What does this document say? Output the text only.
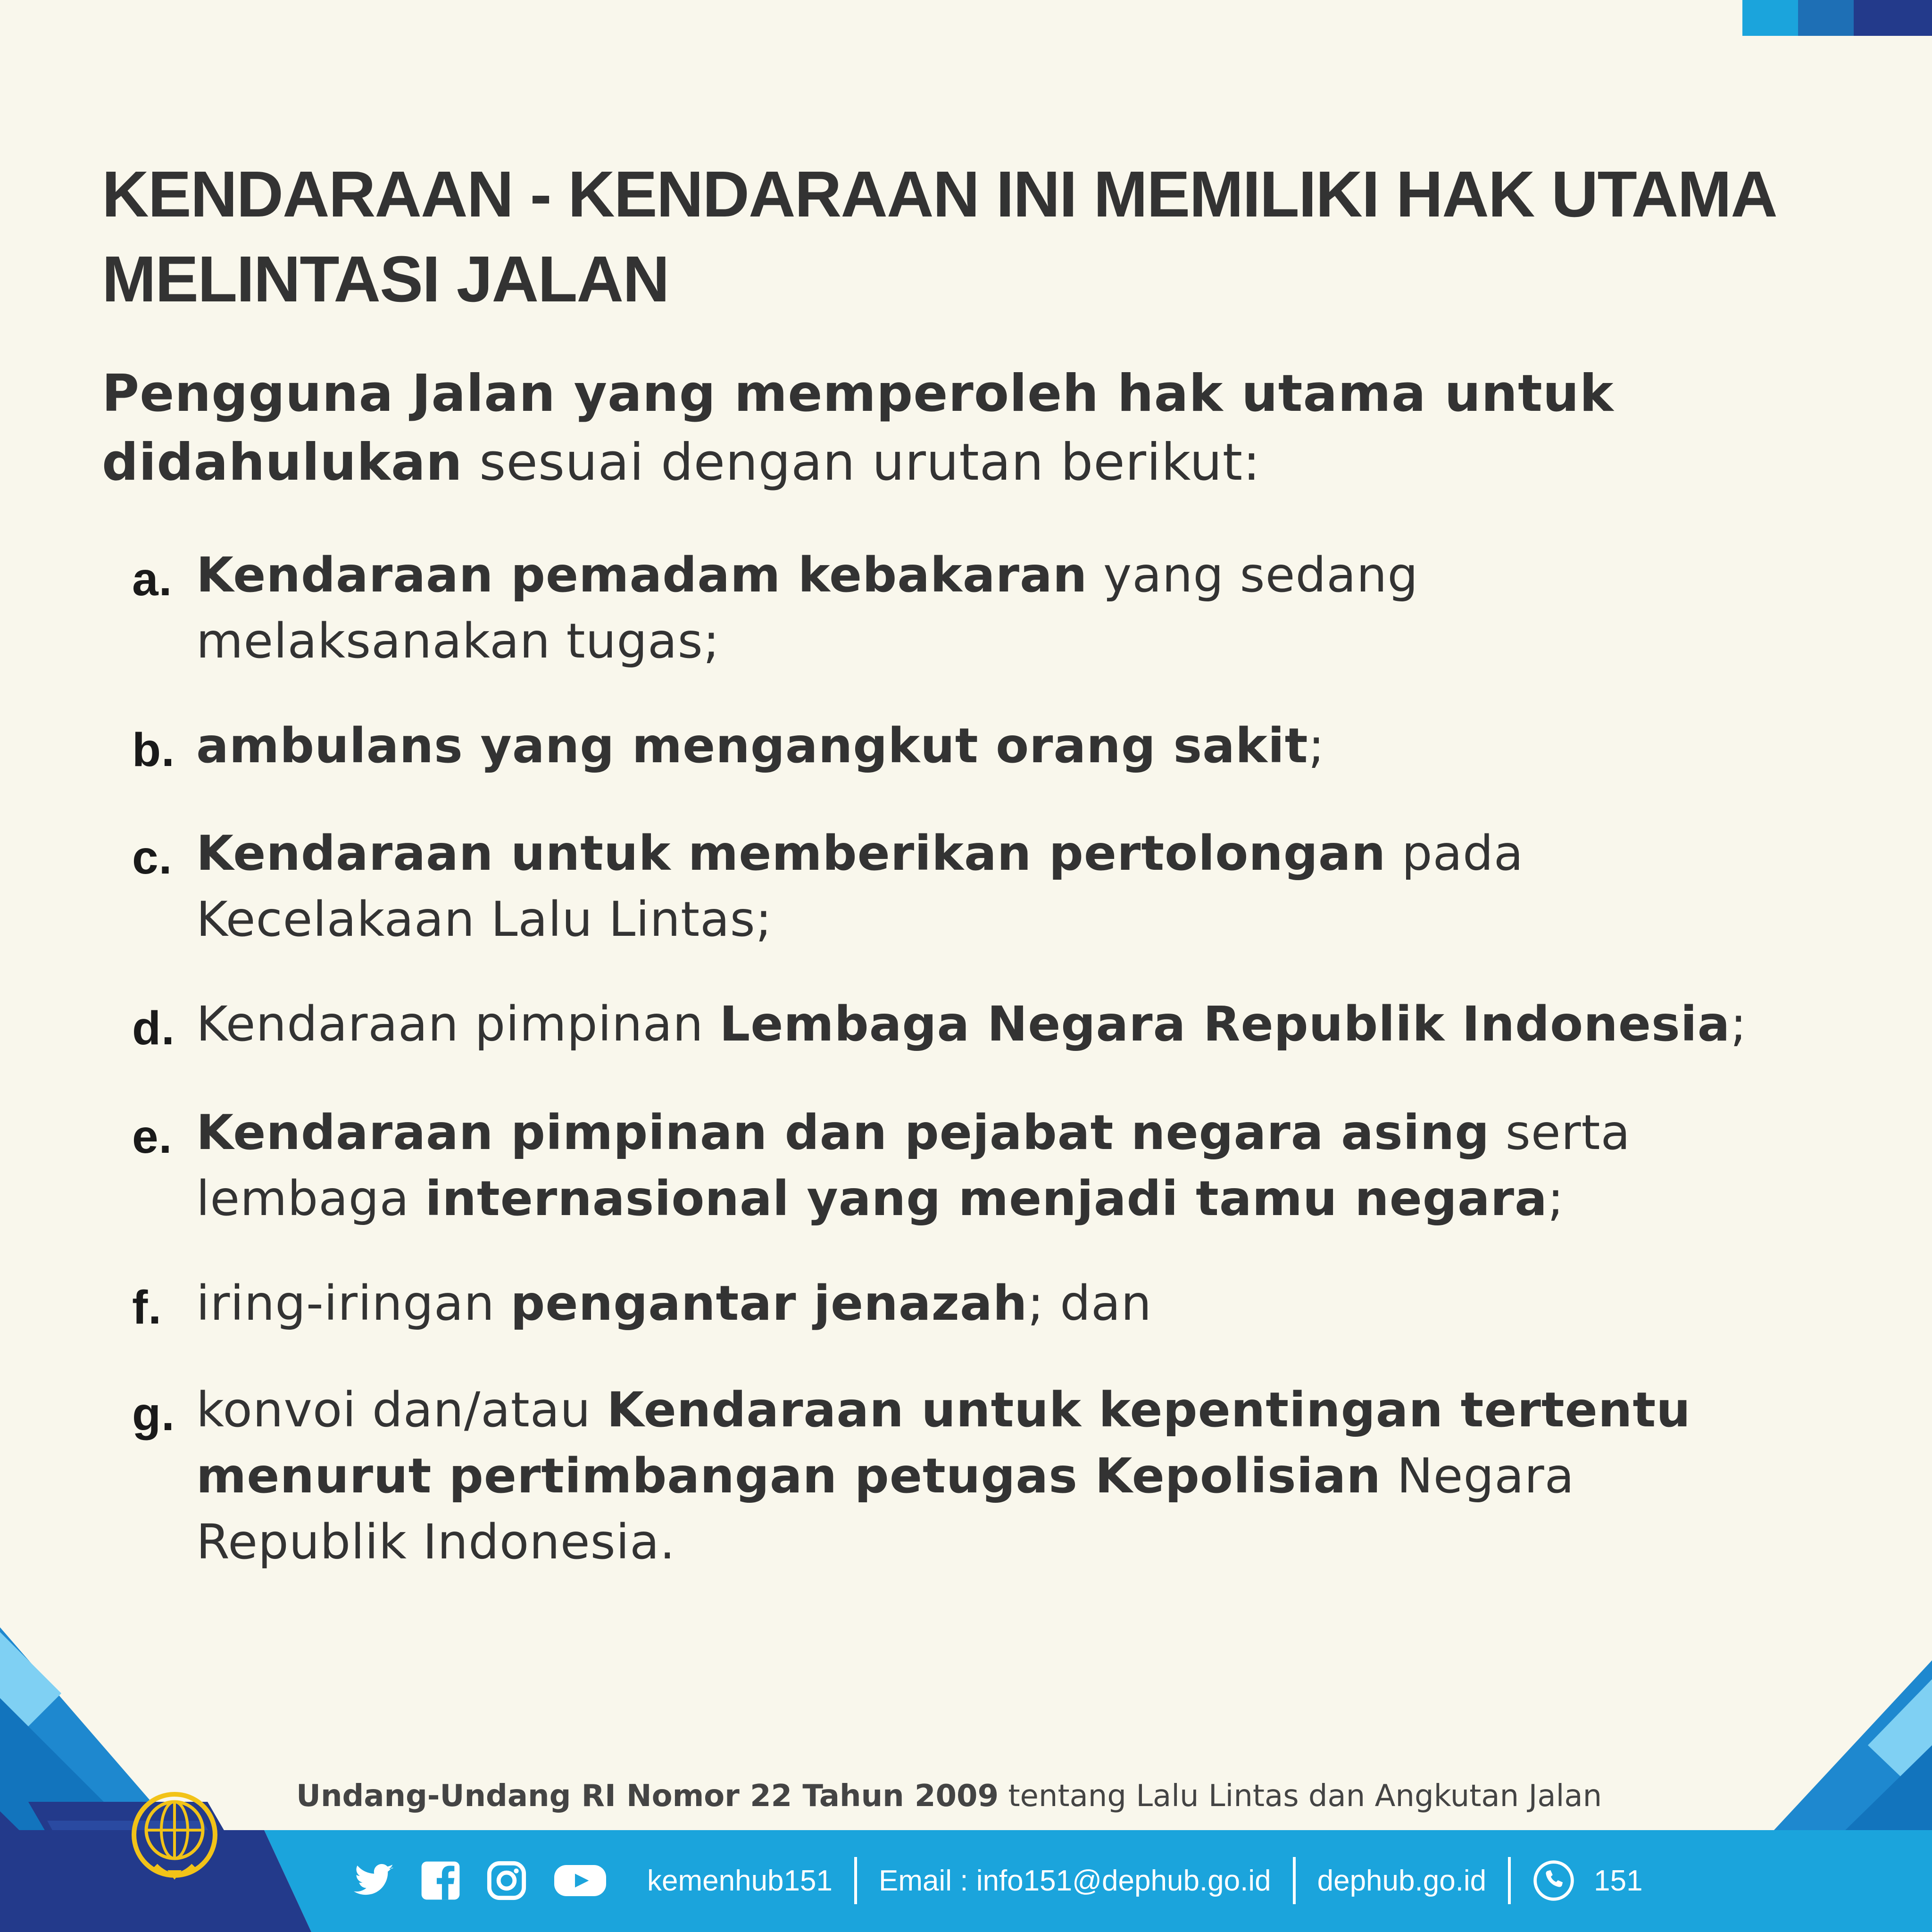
KENDARAAN - KENDARAAN INI MEMILIKI HAK UTAMA
MELINTASI JALAN

Pengguna Jalan yang memperoleh hak utama untuk
didahulukan sesuai dengan urutan berikut:

a. Kendaraan pemadam kebakaran yang sedang
melaksanakan tugas;
b. ambulans yang mengangkut orang sakit;
c. Kendaraan untuk memberikan pertolongan pada
Kecelakaan Lalu Lintas;
d. Kendaraan pimpinan Lembaga Negara Republik Indonesia;
e. Kendaraan pimpinan dan pejabat negara asing serta
lembaga internasional yang menjadi tamu negara;
f. iring-iringan pengantar jenazah; dan
g. konvoi dan/atau Kendaraan untuk kepentingan tertentu
menurut pertimbangan petugas Kepolisian Negara
Republik Indonesia.
Undang-Undang RI Nomor 22 Tahun 2009 tentang Lalu Lintas dan Angkutan Jalan
kemenhub151 Email : info151@dephub.go.id dephub.go.id	151
